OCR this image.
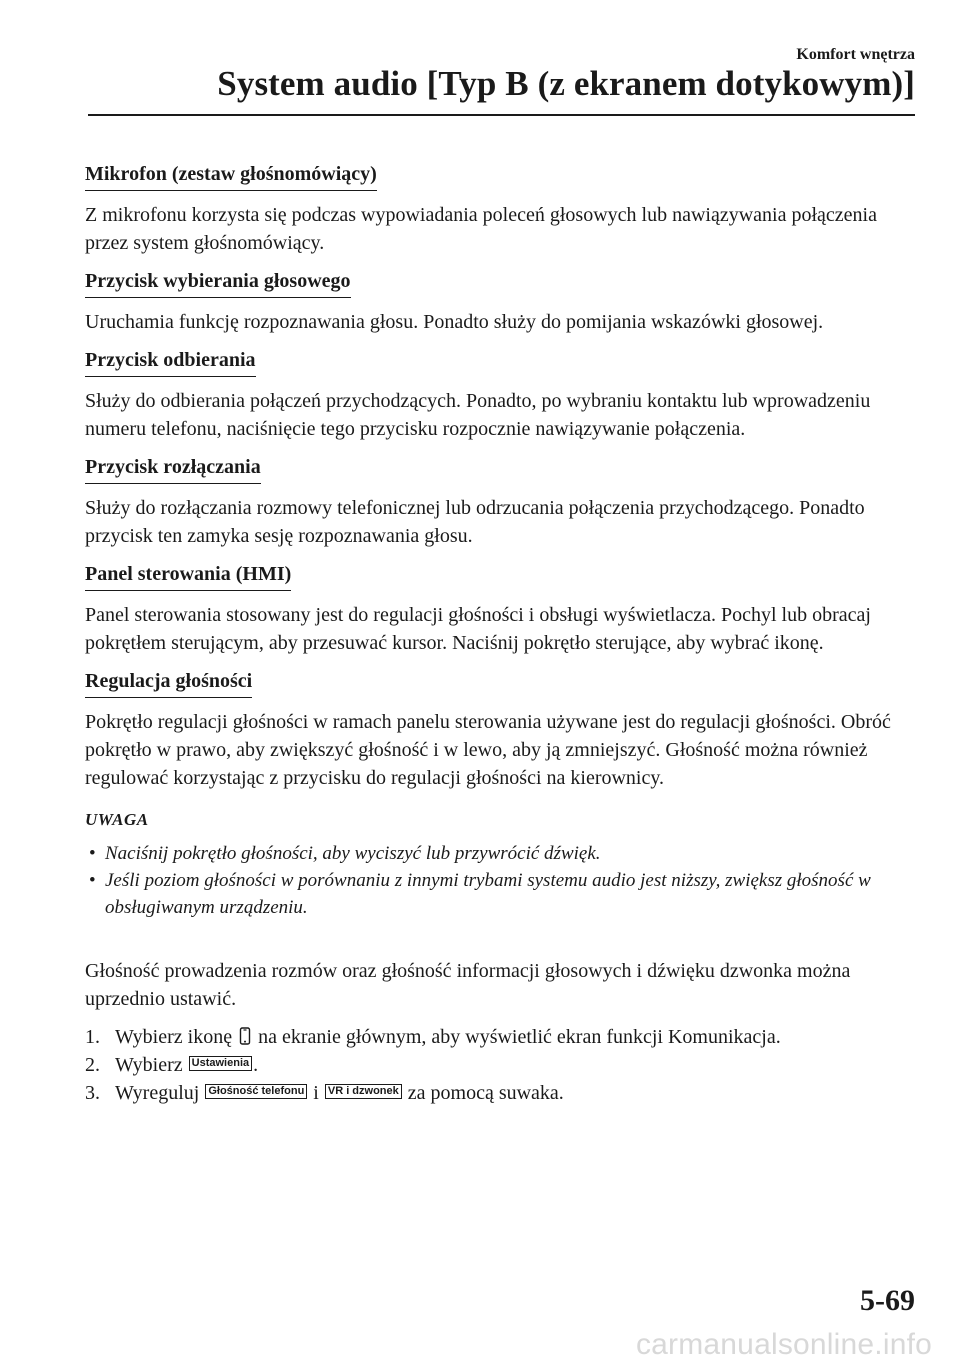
Komfort wnętrza
System audio [Typ B (z ekranem dotykowym)]
Mikrofon (zestaw głośnomówiący)

Z mikrofonu korzysta się podczas wypowiadania poleceń głosowych lub nawiązywania połączenia przez system głośnomówiący.

Przycisk wybierania głosowego

Uruchamia funkcję rozpoznawania głosu. Ponadto służy do pomijania wskazówki głosowej.

Przycisk odbierania

Służy do odbierania połączeń przychodzących. Ponadto, po wybraniu kontaktu lub wprowadzeniu numeru telefonu, naciśnięcie tego przycisku rozpocznie nawiązywanie połączenia.

Przycisk rozłączania

Służy do rozłączania rozmowy telefonicznej lub odrzucania połączenia przychodzącego. Ponadto przycisk ten zamyka sesję rozpoznawania głosu.

Panel sterowania (HMI)

Panel sterowania stosowany jest do regulacji głośności i obsługi wyświetlacza. Pochyl lub obracaj pokrętłem sterującym, aby przesuwać kursor. Naciśnij pokrętło sterujące, aby wybrać ikonę.

Regulacja głośności

Pokrętło regulacji głośności w ramach panelu sterowania używane jest do regulacji głośności. Obróć pokrętło w prawo, aby zwiększyć głośność i w lewo, aby ją zmniejszyć. Głośność można również regulować korzystając z przycisku do regulacji głośności na kierownicy.

UWAGA
• Naciśnij pokrętło głośności, aby wyciszyć lub przywrócić dźwięk.
• Jeśli poziom głośności w porównaniu z innymi trybami systemu audio jest niższy, zwiększ głośność w obsługiwanym urządzeniu.

Głośność prowadzenia rozmów oraz głośność informacji głosowych i dźwięku dzwonka można uprzednio ustawić.

1. Wybierz ikonę na ekranie głównym, aby wyświetlić ekran funkcji Komunikacja.
2. Wybierz Ustawienia .
3. Wyreguluj Głośność telefonu i VR i dzwonek za pomocą suwaka.
5-69
carmanualsonline.info
